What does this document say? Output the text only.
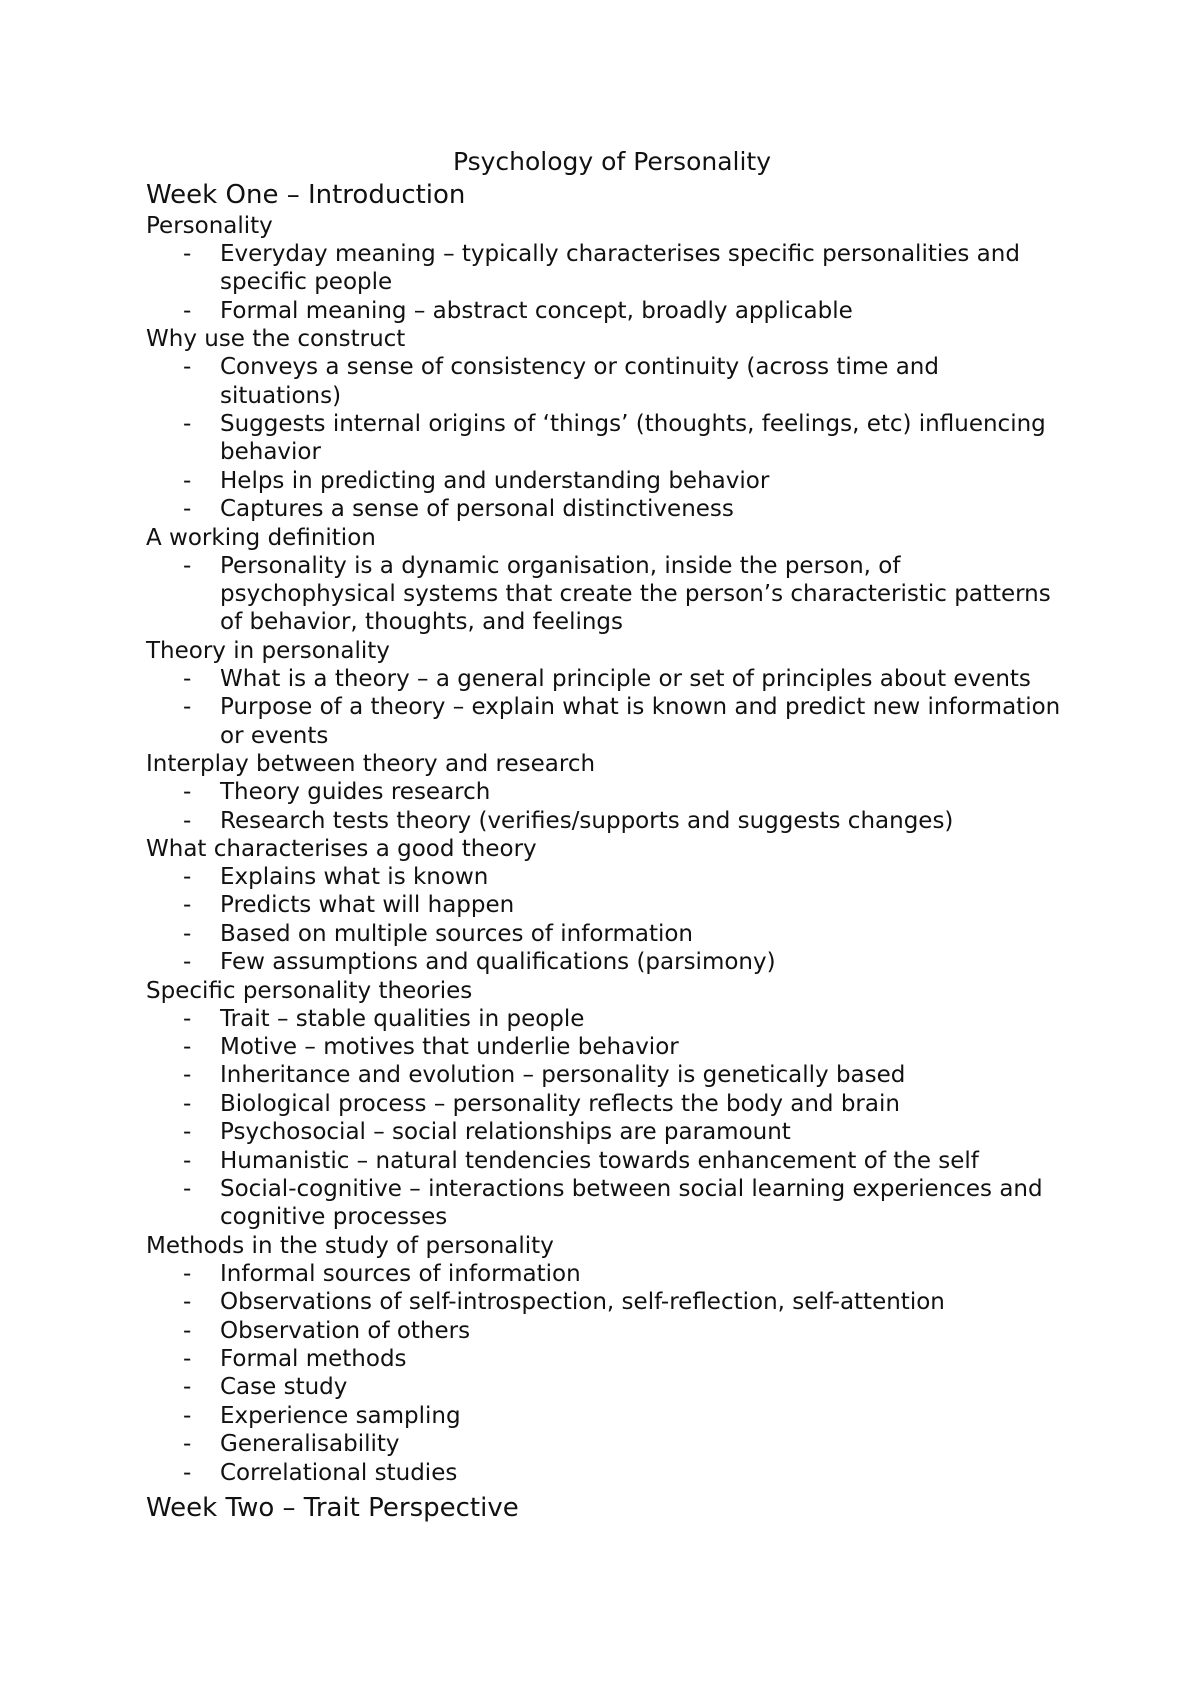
Psychology of Personality
Week One – Introduction
Personality
- Everyday meaning – typically characterises specific personalities and specific people
- Formal meaning – abstract concept, broadly applicable
Why use the construct
- Conveys a sense of consistency or continuity (across time and situations)
- Suggests internal origins of ‘things’ (thoughts, feelings, etc) influencing behavior
- Helps in predicting and understanding behavior
- Captures a sense of personal distinctiveness
A working definition
- Personality is a dynamic organisation, inside the person, of psychophysical systems that create the person’s characteristic patterns of behavior, thoughts, and feelings
Theory in personality
- What is a theory – a general principle or set of principles about events
- Purpose of a theory – explain what is known and predict new information or events
Interplay between theory and research
- Theory guides research
- Research tests theory (verifies/supports and suggests changes)
What characterises a good theory
- Explains what is known
- Predicts what will happen
- Based on multiple sources of information
- Few assumptions and qualifications (parsimony)
Specific personality theories
- Trait – stable qualities in people
- Motive – motives that underlie behavior
- Inheritance and evolution – personality is genetically based
- Biological process – personality reflects the body and brain
- Psychosocial – social relationships are paramount
- Humanistic – natural tendencies towards enhancement of the self
- Social-cognitive – interactions between social learning experiences and cognitive processes
Methods in the study of personality
- Informal sources of information
- Observations of self-introspection, self-reflection, self-attention
- Observation of others
- Formal methods
- Case study
- Experience sampling
- Generalisability
- Correlational studies
Week Two – Trait Perspective
